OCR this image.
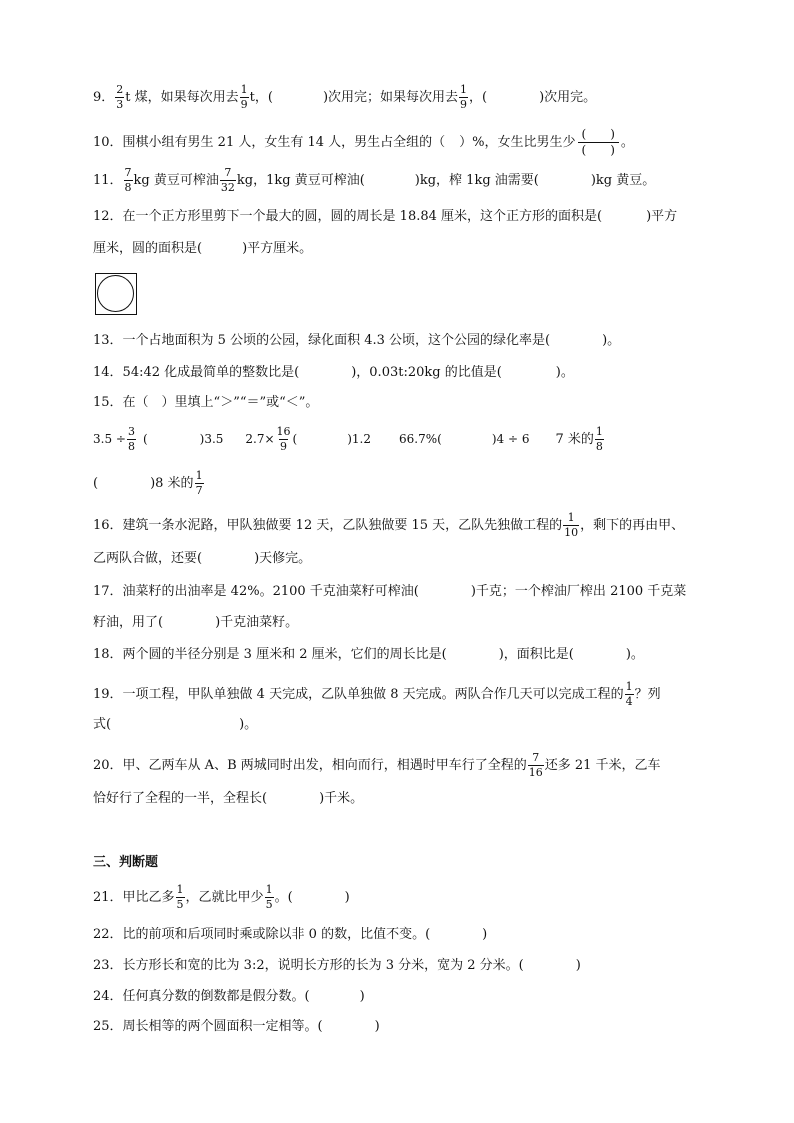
9． $\frac{2}{3}$ t 煤，如果每次用去 $\frac{1}{9}$ t，(	)次用完；如果每次用去 $\frac{1}{9}$ ，(	)次用完。
10． 围棋小组有男生 21 人，女生有 14 人，男生占全组的（ ）%，女生比男生少
(　　)
(　　) 。
11． $\frac{7}{8}$ kg 黄豆可榨油 $\frac{7}{32}$ kg，1kg 黄豆可榨油(	)kg，榨 1kg 油需要(	)kg 黄豆。
12．在一个正方形里剪下一个最大的圆，圆的周长是 18.84 厘米，这个正方形的面积是(	)平方
厘米，圆的面积是(	)平方厘米。
13．一个占地面积为 5 公顷的公园，绿化面积 4.3 公顷，这个公园的绿化率是(	)。
14．54:42 化成最简单的整数比是(	)，0.03t:20kg 的比值是(	)。
15．在（　）里填上“＞”“＝”或“＜”。
$3.5 \div \frac{3}{8}$ (	)3.5 $2.7\times \frac{16}{9}$ (	)1.2 66.7%(	)4 ÷ 6 7 米的 $\frac{1}{8}$
(	)8 米的 $\frac{1}{7}$
16．建筑一条水泥路，甲队独做要 12 天，乙队独做要 15 天，乙队先独做工程的 $\frac{1}{10}$ ，剩下的再由甲、
乙两队合做，还要(	)天修完。
17．油菜籽的出油率是 42%。2100 千克油菜籽可榨油(	)千克；一个榨油厂榨出 2100 千克菜
籽油，用了(	)千克油菜籽。
18．两个圆的半径分别是 3 厘米和 2 厘米，它们的周长比是(	)，面积比是(	)。
19．一项工程，甲队单独做 4 天完成，乙队单独做 8 天完成。两队合作几天可以完成工程的 $\frac{1}{4}$ ？列
式(	)。
20．甲、乙两车从 A、B 两城同时出发，相向而行，相遇时甲车行了全程的 $\frac{7}{16}$ 还多 21 千米，乙车
恰好行了全程的一半，全程长(	)千米。
三、判断题
21．甲比乙多 $\frac{1}{5}$ ，乙就比甲少 $\frac{1}{5}$ 。(	)
22．比的前项和后项同时乘或除以非 0 的数，比值不变。(	)
23．长方形长和宽的比为 3:2，说明长方形的长为 3 分米，宽为 2 分米。(	)
24．任何真分数的倒数都是假分数。(	)
25．周长相等的两个圆面积一定相等。(	)
